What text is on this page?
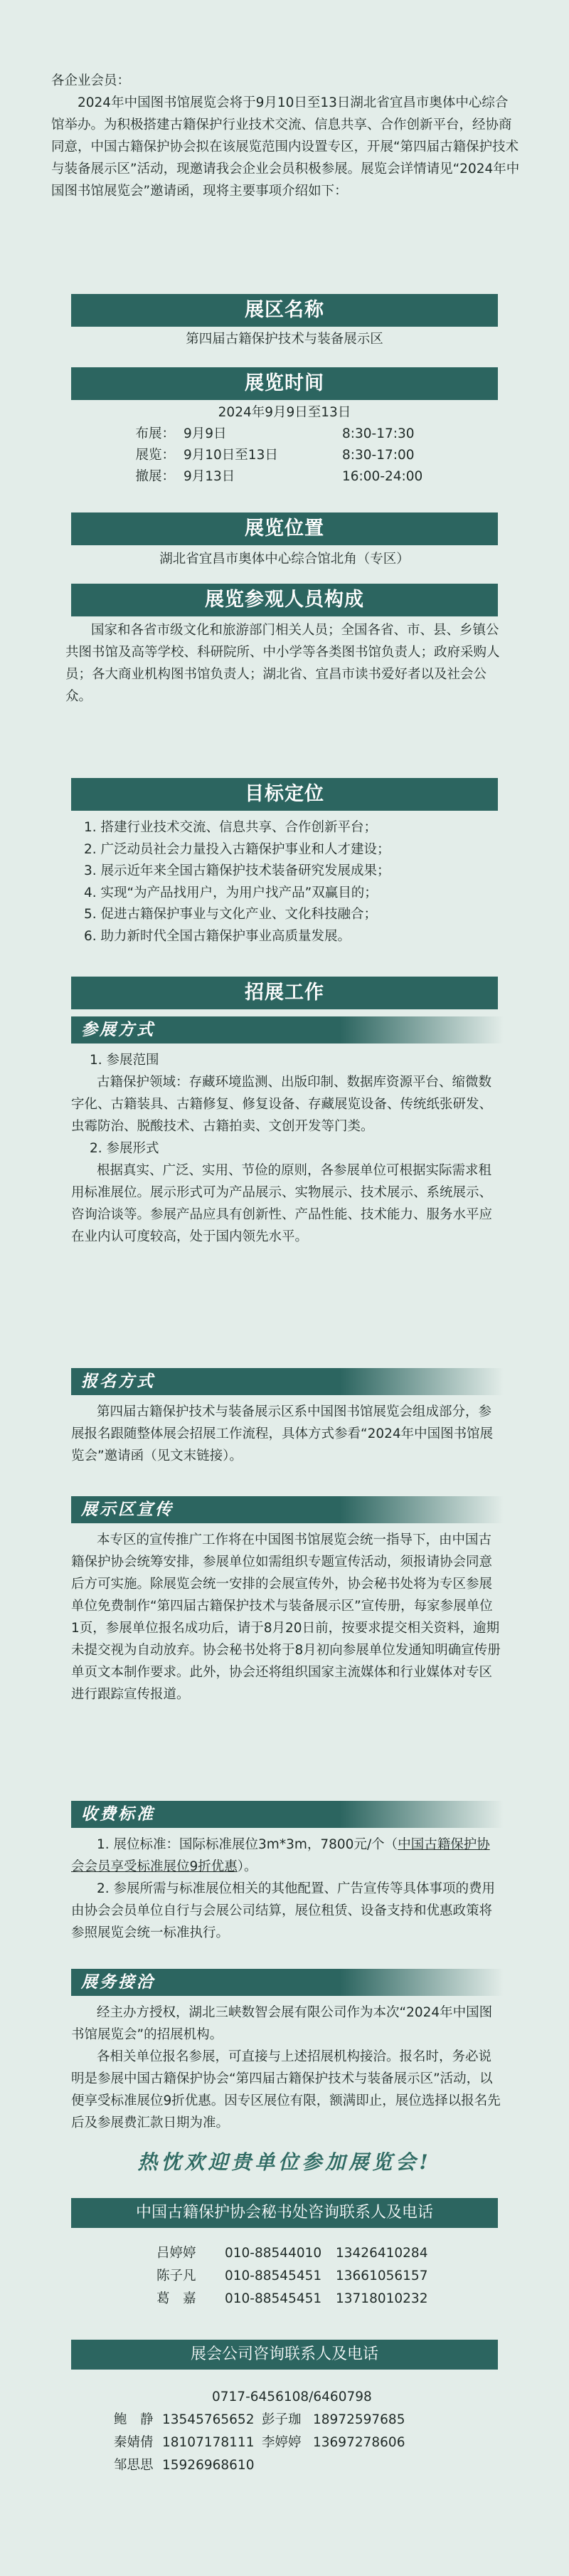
各企业会员：
2024年中国图书馆展览会将于9月10日至13日湖北省宜昌市奥体中心综合馆举办。为积极搭建古籍保护行业技术交流、信息共享、合作创新平台，经协商同意，中国古籍保护协会拟在该展览范围内设置专区，开展“第四届古籍保护技术与装备展示区”活动，现邀请我会企业会员积极参展。展览会详情请见“2024年中国图书馆展览会”邀请函，现将主要事项介绍如下：
展区名称
第四届古籍保护技术与装备展示区
展览时间
2024年9月9日至13日
布展： 9月9日	8:30-17:30
展览： 9月10日至13日	8:30-17:00
撤展： 9月13日	16:00-24:00
展览位置
湖北省宜昌市奥体中心综合馆北角（专区）
展览参观人员构成
国家和各省市级文化和旅游部门相关人员；全国各省、市、县、乡镇公共图书馆及高等学校、科研院所、中小学等各类图书馆负责人；政府采购人员；各大商业机构图书馆负责人；湖北省、宜昌市读书爱好者以及社会公众。
目标定位
1. 搭建行业技术交流、信息共享、合作创新平台；
2. 广泛动员社会力量投入古籍保护事业和人才建设；
3. 展示近年来全国古籍保护技术装备研究发展成果；
4. 实现“为产品找用户，为用户找产品”双赢目的；
5. 促进古籍保护事业与文化产业、文化科技融合；
6. 助力新时代全国古籍保护事业高质量发展。
招展工作
参展方式
1. 参展范围
古籍保护领域：存藏环境监测、出版印制、数据库资源平台、缩微数字化、古籍装具、古籍修复、修复设备、存藏展览设备、传统纸张研发、虫霉防治、脱酸技术、古籍拍卖、文创开发等门类。
2. 参展形式
根据真实、广泛、实用、节俭的原则，各参展单位可根据实际需求租用标准展位。展示形式可为产品展示、实物展示、技术展示、系统展示、咨询洽谈等。参展产品应具有创新性、产品性能、技术能力、服务水平应在业内认可度较高，处于国内领先水平。
报名方式
第四届古籍保护技术与装备展示区系中国图书馆展览会组成部分，参展报名跟随整体展会招展工作流程，具体方式参看“2024年中国图书馆展览会”邀请函（见文末链接）。
展示区宣传
本专区的宣传推广工作将在中国图书馆展览会统一指导下，由中国古籍保护协会统筹安排，参展单位如需组织专题宣传活动，须报请协会同意后方可实施。除展览会统一安排的会展宣传外，协会秘书处将为专区参展单位免费制作“第四届古籍保护技术与装备展示区”宣传册，每家参展单位1页，参展单位报名成功后，请于8月20日前，按要求提交相关资料，逾期未提交视为自动放弃。协会秘书处将于8月初向参展单位发通知明确宣传册单页文本制作要求。此外，协会还将组织国家主流媒体和行业媒体对专区进行跟踪宣传报道。
收费标准
1. 展位标准：国际标准展位3m*3m，7800元/个（中国古籍保护协会会员享受标准展位9折优惠）。
2. 参展所需与标准展位相关的其他配置、广告宣传等具体事项的费用由协会会员单位自行与会展公司结算，展位租赁、设备支持和优惠政策将参照展览会统一标准执行。
展务接洽
经主办方授权，湖北三峡数智会展有限公司作为本次“2024年中国图书馆展览会”的招展机构。
各相关单位报名参展，可直接与上述招展机构接洽。报名时，务必说明是参展中国古籍保护协会“第四届古籍保护技术与装备展示区”活动，以便享受标准展位9折优惠。因专区展位有限，额满即止，展位选择以报名先后及参展费汇款日期为准。
热忱欢迎贵单位参加展览会!
中国古籍保护协会秘书处咨询联系人及电话
吕婷婷 010-88544010 13426410284
陈子凡 010-88545451 13661056157
葛　嘉 010-88545451 13718010232
展会公司咨询联系人及电话
0717-6456108/6460798
鲍　静 13545765652 彭子珈 18972597685
秦婧倩 18107178111 李婷婷 13697278606
邹思思 15926968610
